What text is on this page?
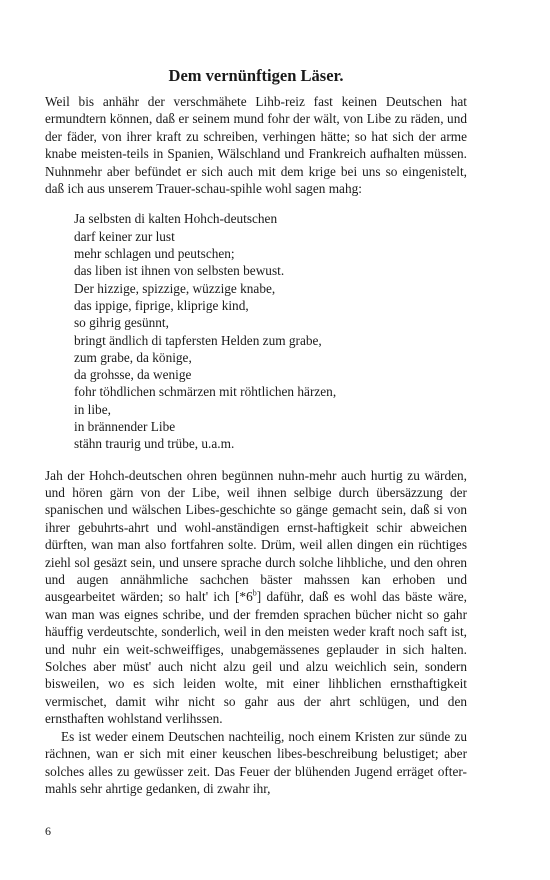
Dem vernünftigen Läser.

Weil bis anhähr der verschmähete Lihb-reiz fast keinen Deutschen hat ermundtern können, daß er seinem mund fohr der wält, von Libe zu räden, und der fäder, von ihrer kraft zu schreiben, verhingen hätte; so hat sich der arme knabe meisten-teils in Spanien, Wälschland und Frankreich aufhalten müssen. Nuhnmehr aber befündet er sich auch mit dem krige bei uns so eingenistelt, daß ich aus unserem Trauer-schau-spihle wohl sagen mahg:

Ja selbsten di kalten Hohch-deutschen
darf keiner zur lust
mehr schlagen und peutschen;
das liben ist ihnen von selbsten bewust.
Der hizzige, spizzige, wüzzige knabe,
das ippige, fiprige, kliprige kind,
so gihrig gesünnt,
bringt ändlich di tapfersten Helden zum grabe,
zum grabe, da könige,
da grohsse, da wenige
fohr töhdlichen schmärzen mit röhtlichen härzen,
in libe,
in brännender Libe
stähn traurig und trübe, u.a.m.

Jah der Hohch-deutschen ohren begünnen nuhn-mehr auch hurtig zu wärden, und hören gärn von der Libe, weil ihnen selbige durch übersäzzung der spanischen und wälschen Libes-geschichte so gänge gemacht sein, daß si von ihrer gebuhrts-ahrt und wohl-anständigen ernst-haftigkeit schir abweichen dürften, wan man also fortfahren solte. Drüm, weil allen dingen ein rüchtiges ziehl sol gesäzt sein, und unsere sprache durch solche lihbliche, und den ohren und augen annähmliche sachchen bäster mahssen kan erhoben und ausgearbeitet wärden; so halt' ich [*6$^b$] daführ, daß es wohl das bäste wäre, wan man was eignes schribe, und der fremden sprachen bücher nicht so gahr häuffig verdeutschte, sonderlich, weil in den meisten weder kraft noch saft ist, und nuhr ein weit-schweiffiges, unabgemässenes geplauder in sich halten. Solches aber müst' auch nicht alzu geil und alzu weichlich sein, sondern bisweilen, wo es sich leiden wolte, mit einer lihblichen ernsthaftigkeit vermischet, damit wihr nicht so gahr aus der ahrt schlügen, und den ernsthaften wohlstand verlihssen.

Es ist weder einem Deutschen nachteilig, noch einem Kristen zur sünde zu rächnen, wan er sich mit einer keuschen libes-beschreibung belustiget; aber solches alles zu gewüsser zeit. Das Feuer der blühenden Jugend erräget ofter-mahls sehr ahrtige gedanken, di zwahr ihr,

6
